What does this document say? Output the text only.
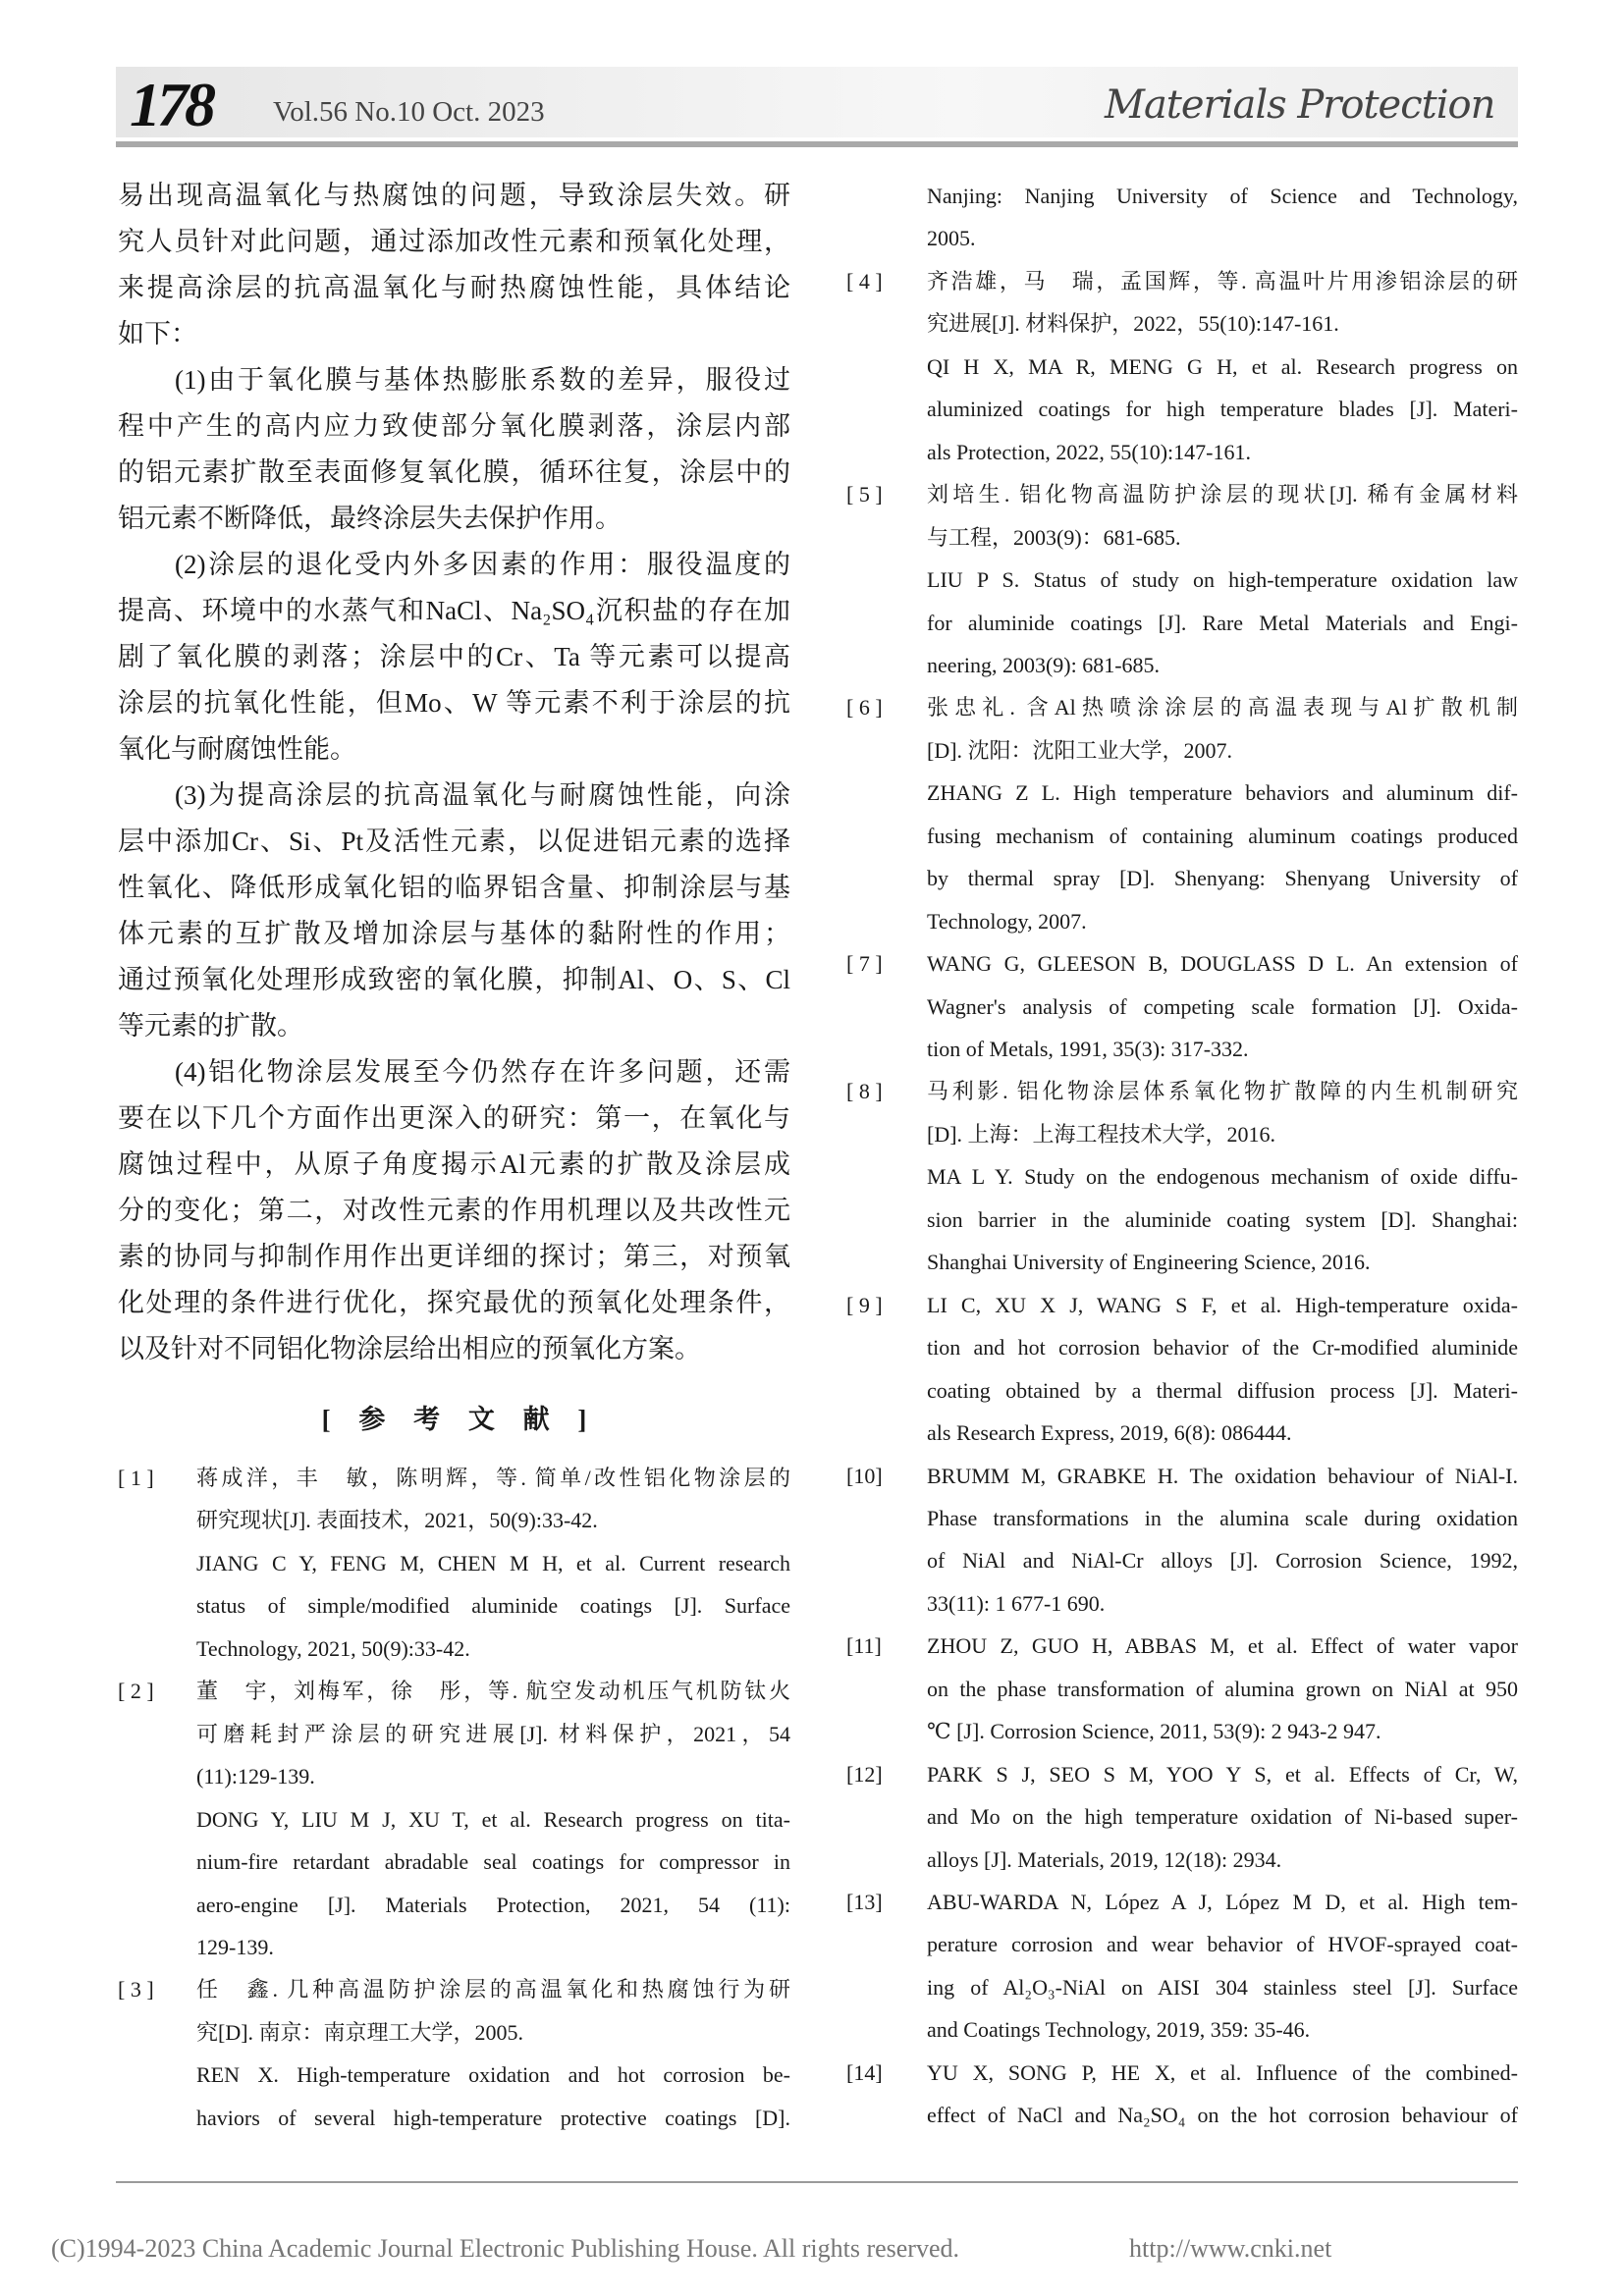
178 Vol.56 No.10 Oct. 2023	Materials Protection
易出现高温氧化与热腐蚀的问题，导致涂层失效。研
究人员针对此问题，通过添加改性元素和预氧化处理，
来提高涂层的抗高温氧化与耐热腐蚀性能，具体结论
如下：
(1)由于氧化膜与基体热膨胀系数的差异，服役过
程中产生的高内应力致使部分氧化膜剥落，涂层内部
的铝元素扩散至表面修复氧化膜，循环往复，涂层中的
铝元素不断降低，最终涂层失去保护作用。
(2)涂层的退化受内外多因素的作用：服役温度的
提高、环境中的水蒸气和NaCl、Na₂SO₄沉积盐的存在加
剧了氧化膜的剥落；涂层中的Cr、Ta 等元素可以提高
涂层的抗氧化性能，但Mo、W 等元素不利于涂层的抗
氧化与耐腐蚀性能。
(3)为提高涂层的抗高温氧化与耐腐蚀性能，向涂
层中添加Cr、Si、Pt及活性元素，以促进铝元素的选择
性氧化、降低形成氧化铝的临界铝含量、抑制涂层与基
体元素的互扩散及增加涂层与基体的黏附性的作用；
通过预氧化处理形成致密的氧化膜，抑制Al、O、S、Cl
等元素的扩散。
(4)铝化物涂层发展至今仍然存在许多问题，还需
要在以下几个方面作出更深入的研究：第一，在氧化与
腐蚀过程中，从原子角度揭示Al元素的扩散及涂层成
分的变化；第二，对改性元素的作用机理以及共改性元
素的协同与抑制作用作出更详细的探讨；第三，对预氧
化处理的条件进行优化，探究最优的预氧化处理条件，
以及针对不同铝化物涂层给出相应的预氧化方案。
[ 1 ] 蒋成洋，丰　敏，陈明辉，等. 简单/改性铝化物涂层的
研究现状[J]. 表面技术，2021，50(9):33-42.
JIANG C Y, FENG M, CHEN M H, et al. Current research
status of simple/modified aluminide coatings [J]. Surface
Technology, 2021, 50(9):33-42.
[ 2 ] 董　宇，刘梅军，徐　彤，等. 航空发动机压气机防钛火
可磨耗封严涂层的研究进展[J]. 材料保护，2021，54
(11):129-139.
DONG Y, LIU M J, XU T, et al. Research progress on tita-
nium-fire retardant abradable seal coatings for compressor in
aero-engine [J]. Materials Protection, 2021, 54 (11):
129-139.
[ 3 ] 任　鑫. 几种高温防护涂层的高温氧化和热腐蚀行为研
究[D]. 南京：南京理工大学，2005.
REN X. High-temperature oxidation and hot corrosion be-
haviors of several high-temperature protective coatings [D].
[ 参 考 文 献 ]
Nanjing: Nanjing University of Science and Technology,
2005.
[ 4 ] 齐浩雄，马　瑞，孟国辉，等. 高温叶片用渗铝涂层的研
究进展[J]. 材料保护，2022，55(10):147-161.
QI H X, MA R, MENG G H, et al. Research progress on
aluminized coatings for high temperature blades [J]. Materi-
als Protection, 2022, 55(10):147-161.
[ 5 ] 刘培生. 铝化物高温防护涂层的现状[J]. 稀有金属材料
与工程，2003(9)：681-685.
LIU P S. Status of study on high-temperature oxidation law
for aluminide coatings [J]. Rare Metal Materials and Engi-
neering, 2003(9): 681-685.
[ 6 ] 张忠礼. 含Al热喷涂涂层的高温表现与Al扩散机制
[D]. 沈阳：沈阳工业大学，2007.
ZHANG Z L. High temperature behaviors and aluminum dif-
fusing mechanism of containing aluminum coatings produced
by thermal spray [D]. Shenyang: Shenyang University of
Technology, 2007.
[ 7 ] WANG G, GLEESON B, DOUGLASS D L. An extension of
Wagner's analysis of competing scale formation [J]. Oxida-
tion of Metals, 1991, 35(3): 317-332.
[ 8 ] 马利影. 铝化物涂层体系氧化物扩散障的内生机制研究
[D]. 上海：上海工程技术大学，2016.
MA L Y. Study on the endogenous mechanism of oxide diffu-
sion barrier in the aluminide coating system [D]. Shanghai:
Shanghai University of Engineering Science, 2016.
[ 9 ] LI C, XU X J, WANG S F, et al. High-temperature oxida-
tion and hot corrosion behavior of the Cr-modified aluminide
coating obtained by a thermal diffusion process [J]. Materi-
als Research Express, 2019, 6(8): 086444.
[10] BRUMM M, GRABKE H. The oxidation behaviour of NiAl-I.
Phase transformations in the alumina scale during oxidation
of NiAl and NiAl-Cr alloys [J]. Corrosion Science, 1992,
33(11): 1 677-1 690.
[11] ZHOU Z, GUO H, ABBAS M, et al. Effect of water vapor
on the phase transformation of alumina grown on NiAl at 950
℃ [J]. Corrosion Science, 2011, 53(9): 2 943-2 947.
[12] PARK S J, SEO S M, YOO Y S, et al. Effects of Cr, W,
and Mo on the high temperature oxidation of Ni-based super-
alloys [J]. Materials, 2019, 12(18): 2934.
[13] ABU-WARDA N, López A J, López M D, et al. High tem-
perature corrosion and wear behavior of HVOF-sprayed coat-
ing of Al₂O₃-NiAl on AISI 304 stainless steel [J]. Surface
and Coatings Technology, 2019, 359: 35-46.
[14] YU X, SONG P, HE X, et al. Influence of the combined-
effect of NaCl and Na₂SO₄ on the hot corrosion behaviour of
(C)1994-2023 China Academic Journal Electronic Publishing House. All rights reserved.	http://www.cnki.net
